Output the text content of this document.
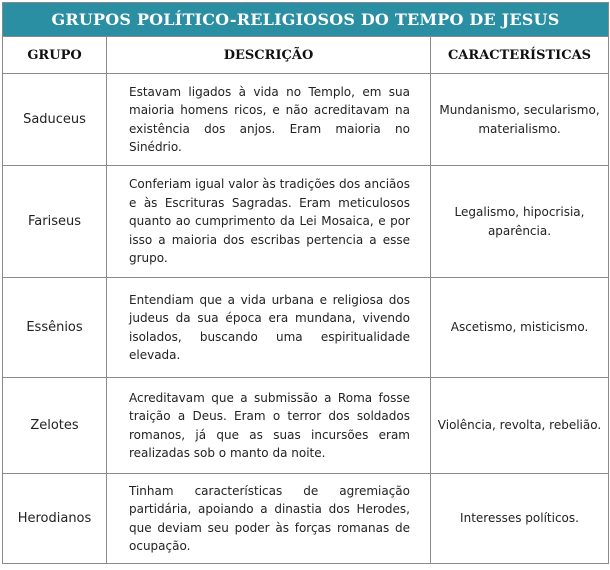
GRUPOS POLÍTICO-RELIGIOSOS DO TEMPO DE JESUS		
GRUPO	DESCRIÇÃO	CARACTERÍSTICAS
Saduceus	Estavam ligados à vida no Templo, em sua maioria homens ricos, e não acreditavam na existência dos anjos. Eram maioria no Sinédrio.	Mundanismo, secularismo, materialismo.
Fariseus	Conferiam igual valor às tradições dos anciãos e às Escrituras Sagradas. Eram meticulosos quanto ao cumprimento da Lei Mosaica, e por isso a maioria dos escribas pertencia a esse grupo.	Legalismo, hipocrisia, aparência.
Essênios	Entendiam que a vida urbana e religiosa dos judeus da sua época era mundana, vivendo isolados, buscando uma espiritualidade elevada.	Ascetismo, misticismo.
Zelotes	Acreditavam que a submissão a Roma fosse traição a Deus. Eram o terror dos soldados romanos, já que as suas incursões eram realizadas sob o manto da noite.	Violência, revolta, rebelião.
Herodianos	Tinham características de agremiação partidária, apoiando a dinastia dos Herodes, que deviam seu poder às forças romanas de ocupação.	Interesses políticos.
